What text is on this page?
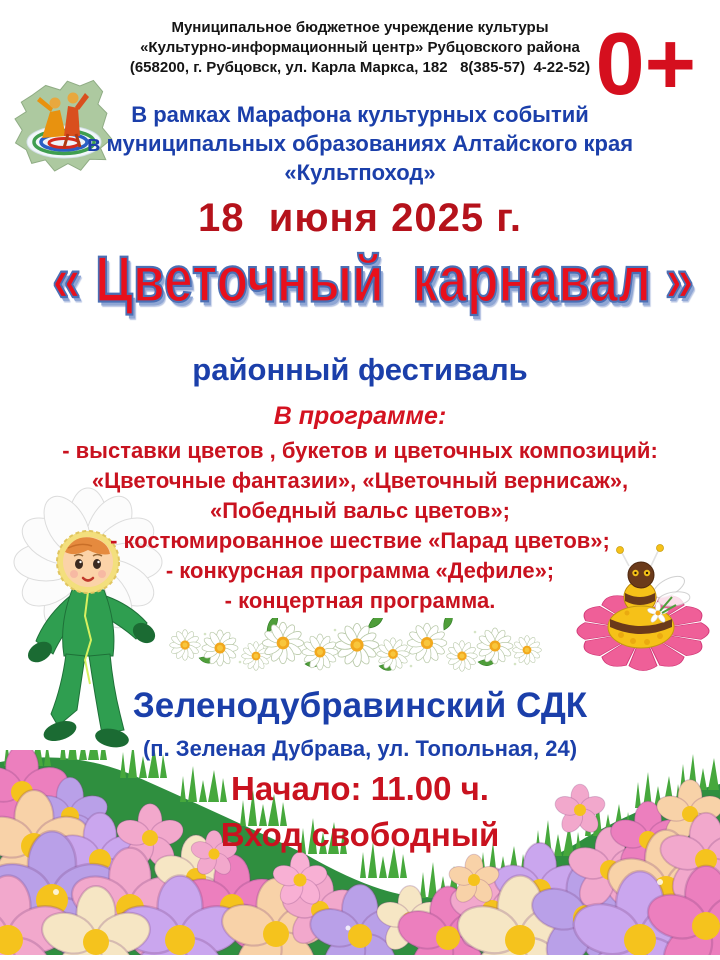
Муниципальное бюджетное учреждение культуры
«Культурно-информационный центр» Рубцовского района
(658200, г. Рубцовск, ул. Карла Маркса, 182   8(385-57)  4-22-52) 0+
В рамках Марафона культурных событий
в муниципальных образованиях Алтайского края
«Культпоход»
18  июня 2025 г.
« Цветочный  карнавал »
районный фестиваль
В программе:
- выставки цветов , букетов и цветочных композиций:
«Цветочные фантазии», «Цветочный вернисаж»,
«Победный вальс цветов»;
- костюмированное шествие «Парад цветов»;
- конкурсная программа «Дефиле»;
- концертная программа.
Зеленодубравинский СДК
(п. Зеленая Дубрава, ул. Топольная, 24)
Начало: 11.00 ч.
Вход свободный
